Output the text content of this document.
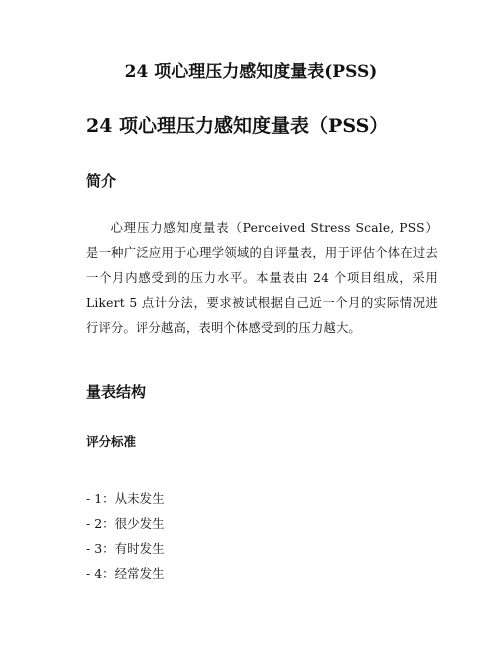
24 项心理压力感知度量表(PSS)
24 项心理压力感知度量表（PSS）
简介

心理压力感知度量表（Perceived Stress Scale, PSS）是一种广泛应用于心理学领域的自评量表，用于评估个体在过去一个月内感受到的压力水平。本量表由 24 个项目组成，采用 Likert 5 点计分法，要求被试根据自己近一个月的实际情况进行评分。评分越高，表明个体感受到的压力越大。

量表结构
评分标准
- 1：从未发生
- 2：很少发生
- 3：有时发生
- 4：经常发生
